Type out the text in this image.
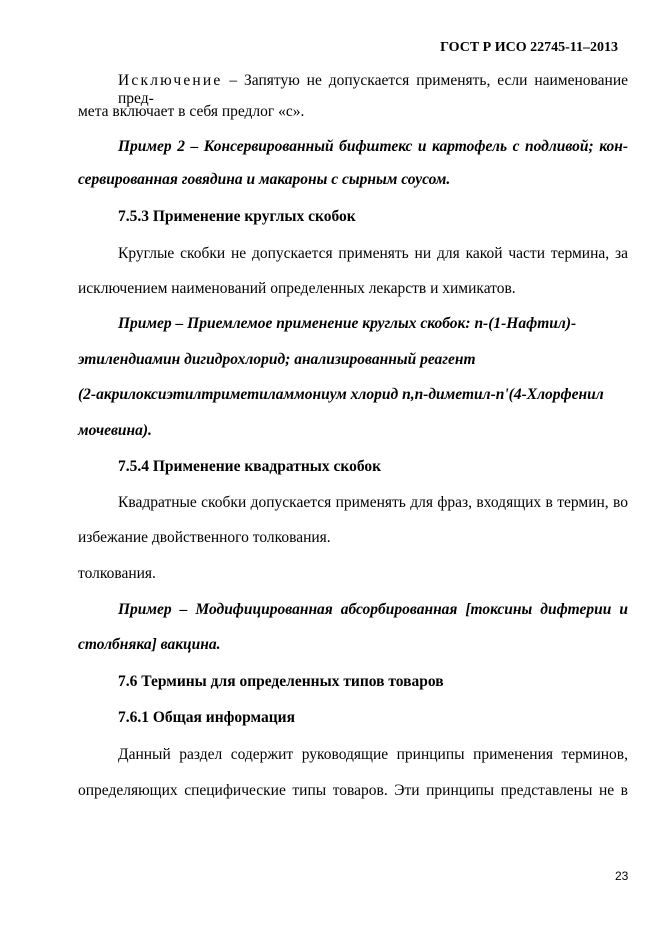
ГОСТ Р ИСО 22745-11–2013
Исключение – Запятую не допускается применять, если наименование пред-
мета включает в себя предлог «с».
Пример 2 – Консервированный бифштекс и картофель с подливой; кон-
сервированная говядина и макароны с сырным соусом.
7.5.3 Применение круглых скобок
Круглые скобки не допускается применять ни для какой части термина, за
исключением наименований определенных лекарств и химикатов.
Пример – Приемлемое применение круглых скобок: n-(1-Нафтил)-
этилендиамин дигидрохлорид; анализированный реагент
(2-акрилоксиэтилтриметиламмониум хлорид n,n-диметил-n'(4-Хлорфенил
мочевина).
7.5.4 Применение квадратных скобок
Квадратные скобки допускается применять для фраз, входящих в термин, во
избежание двойственного толкования.
толкования.
Пример – Модифицированная абсорбированная [токсины дифтерии и
столбняка] вакцина.
7.6 Термины для определенных типов товаров
7.6.1 Общая информация
Данный раздел содержит руководящие принципы применения терминов,
определяющих специфические типы товаров. Эти принципы представлены не в
23
